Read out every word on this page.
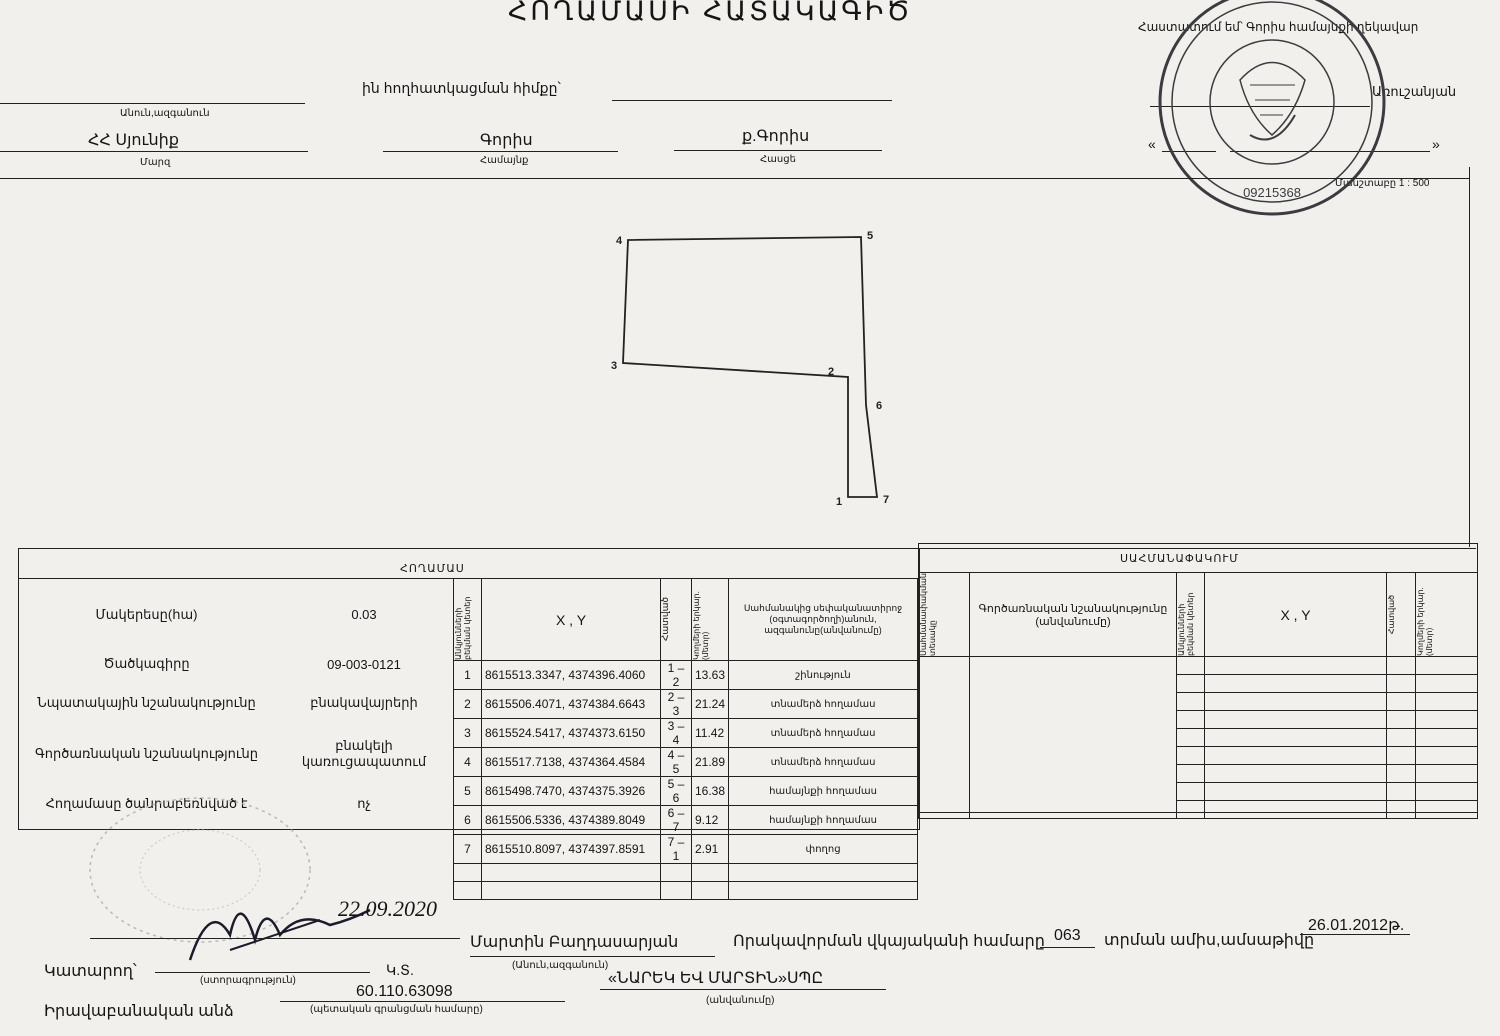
ՀՈՂԱՄԱՍԻ ՀԱՏԱԿԱԳԻԾ
Հաստատում եմ՝ Գորիս համայնքի ղեկավար
Առուշանյան
«	»
Մասշտաբը 1 : 500
09215368
ին հողհատկացման հիմքը՝
Անուն,ազգանուն
ՀՀ Սյունիք
Մարզ
Գորիս
Համայնք
ք.Գորիս
Հասցե
1
2
3
4	5
6
7
ՀՈՂԱՄԱՍ
Մակերեսը(հա)	0.03
Ծածկագիրը	09-003-0121
Նպատակային նշանակությունը	բնակավայրերի
Գործառնական նշանակությունը	բնակելի կառուցապատում
Հողամասը ծանրաբեռնված է	ոչ
Անկյունների բեկման կետեր	X , Y	Հատված	Կողմերի երկար. (մետր)	Սահմանակից սեփականատիրոջ (օգտագործողի)անուն, ազգանունը(անվանումը)
1	8615513.3347, 4374396.4060	1 – 2	13.63	շինություն
2	8615506.4071, 4374384.6643	2 – 3	21.24	տնամերձ հողամաս
3	8615524.5417, 4374373.6150	3 – 4	11.42	տնամերձ հողամաս
4	8615517.7138, 4374364.4584	4 – 5	21.89	տնամերձ հողամաս
5	8615498.7470, 4374375.3926	5 – 6	16.38	համայնքի հողամաս
6	8615506.5336, 4374389.8049	6 – 7	9.12	համայնքի հողամաս
7	8615510.8097, 4374397.8591	7 – 1	2.91	փողոց

ՍԱՀՄԱՆԱՓԱԿՈՒՄ
Սահմանափակման տեսակը	Գործառնական նշանակությունը (անվանումը)	Անկյունների բեկման կետեր	X , Y	Հատված	Կողմերի երկար. (մետր)

22.09.2020
Մարտին Բաղդասարյան
(Անուն,ազգանուն)
Որակավորման վկայականի համարը 063 տրման ամիս,ամսաթիվը
26.01.2012թ.
Կատարող՝
(ստորագրություն)
Կ.Տ.	«ՆԱՐԵԿ ԵՎ ՄԱՐՏԻՆ»ՍՊԸ
(անվանումը)
60.110.63098
(պետական գրանցման համարը)
Իրավաբանական անձ
